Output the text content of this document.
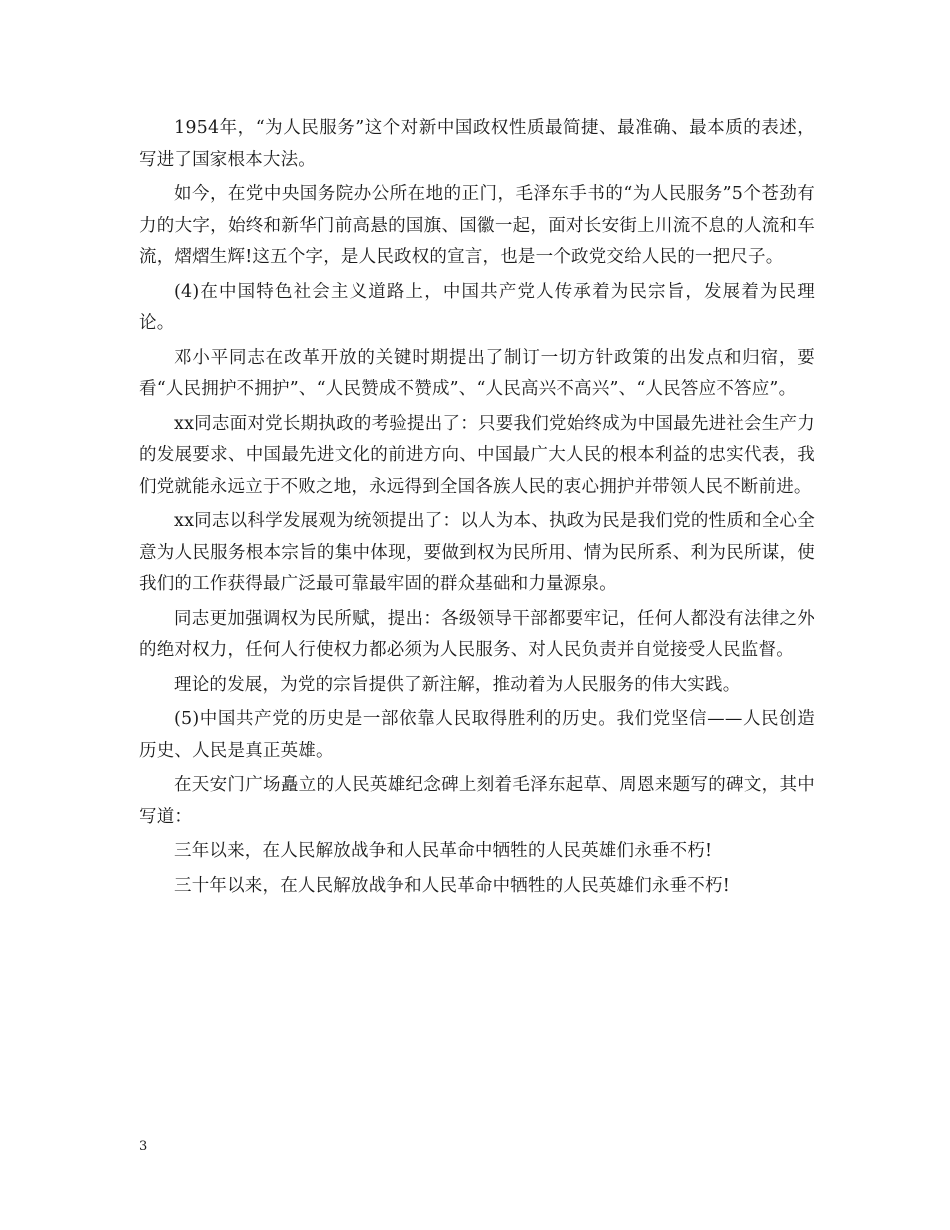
1954年，“为人民服务”这个对新中国政权性质最简捷、最准确、最本质的表述，写进了国家根本大法。

如今，在党中央国务院办公所在地的正门，毛泽东手书的“为人民服务”5个苍劲有力的大字，始终和新华门前高悬的国旗、国徽一起，面对长安街上川流不息的人流和车流，熠熠生辉!这五个字，是人民政权的宣言，也是一个政党交给人民的一把尺子。

(4)在中国特色社会主义道路上，中国共产党人传承着为民宗旨，发展着为民理论。

邓小平同志在改革开放的关键时期提出了制订一切方针政策的出发点和归宿，要看“人民拥护不拥护”、“人民赞成不赞成”、“人民高兴不高兴”、“人民答应不答应”。

xx同志面对党长期执政的考验提出了：只要我们党始终成为中国最先进社会生产力的发展要求、中国最先进文化的前进方向、中国最广大人民的根本利益的忠实代表，我们党就能永远立于不败之地，永远得到全国各族人民的衷心拥护并带领人民不断前进。

xx同志以科学发展观为统领提出了：以人为本、执政为民是我们党的性质和全心全意为人民服务根本宗旨的集中体现，要做到权为民所用、情为民所系、利为民所谋，使我们的工作获得最广泛最可靠最牢固的群众基础和力量源泉。

同志更加强调权为民所赋，提出：各级领导干部都要牢记，任何人都没有法律之外的绝对权力，任何人行使权力都必须为人民服务、对人民负责并自觉接受人民监督。

理论的发展，为党的宗旨提供了新注解，推动着为人民服务的伟大实践。

(5)中国共产党的历史是一部依靠人民取得胜利的历史。我们党坚信——人民创造历史、人民是真正英雄。

在天安门广场矗立的人民英雄纪念碑上刻着毛泽东起草、周恩来题写的碑文，其中写道：

三年以来，在人民解放战争和人民革命中牺牲的人民英雄们永垂不朽!

三十年以来，在人民解放战争和人民革命中牺牲的人民英雄们永垂不朽!

3
